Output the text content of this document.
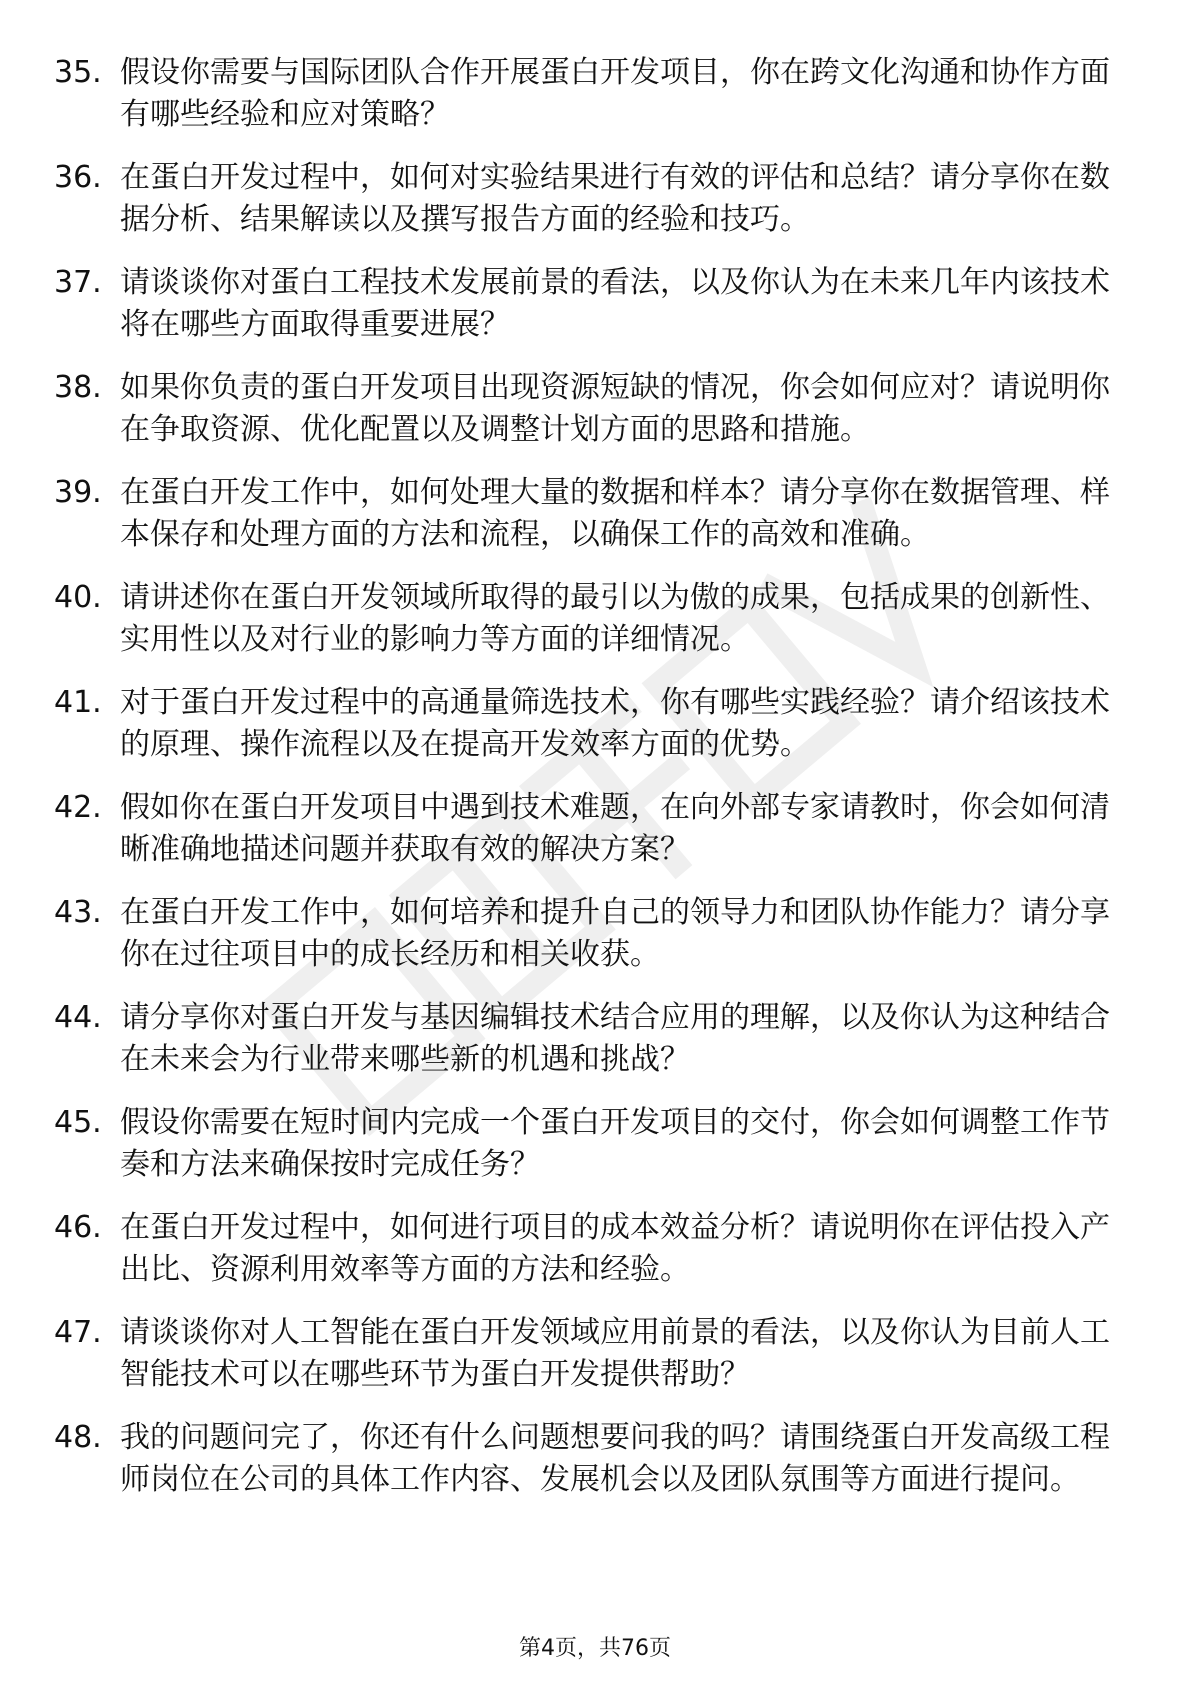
35. 假设你需要与国际团队合作开展蛋白开发项目，你在跨文化沟通和协作方面有哪些经验和应对策略？
36. 在蛋白开发过程中，如何对实验结果进行有效的评估和总结？请分享你在数据分析、结果解读以及撰写报告方面的经验和技巧。
37. 请谈谈你对蛋白工程技术发展前景的看法，以及你认为在未来几年内该技术将在哪些方面取得重要进展？
38. 如果你负责的蛋白开发项目出现资源短缺的情况，你会如何应对？请说明你在争取资源、优化配置以及调整计划方面的思路和措施。
39. 在蛋白开发工作中，如何处理大量的数据和样本？请分享你在数据管理、样本保存和处理方面的方法和流程，以确保工作的高效和准确。
40. 请讲述你在蛋白开发领域所取得的最引以为傲的成果，包括成果的创新性、实用性以及对行业的影响力等方面的详细情况。
41. 对于蛋白开发过程中的高通量筛选技术，你有哪些实践经验？请介绍该技术的原理、操作流程以及在提高开发效率方面的优势。
42. 假如你在蛋白开发项目中遇到技术难题，在向外部专家请教时，你会如何清晰准确地描述问题并获取有效的解决方案？
43. 在蛋白开发工作中，如何培养和提升自己的领导力和团队协作能力？请分享你在过往项目中的成长经历和相关收获。
44. 请分享你对蛋白开发与基因编辑技术结合应用的理解，以及你认为这种结合在未来会为行业带来哪些新的机遇和挑战？
45. 假设你需要在短时间内完成一个蛋白开发项目的交付，你会如何调整工作节奏和方法来确保按时完成任务？
46. 在蛋白开发过程中，如何进行项目的成本效益分析？请说明你在评估投入产出比、资源利用效率等方面的方法和经验。
47. 请谈谈你对人工智能在蛋白开发领域应用前景的看法，以及你认为目前人工智能技术可以在哪些环节为蛋白开发提供帮助？
48. 我的问题问完了，你还有什么问题想要问我的吗？请围绕蛋白开发高级工程师岗位在公司的具体工作内容、发展机会以及团队氛围等方面进行提问。
第4页，共76页
